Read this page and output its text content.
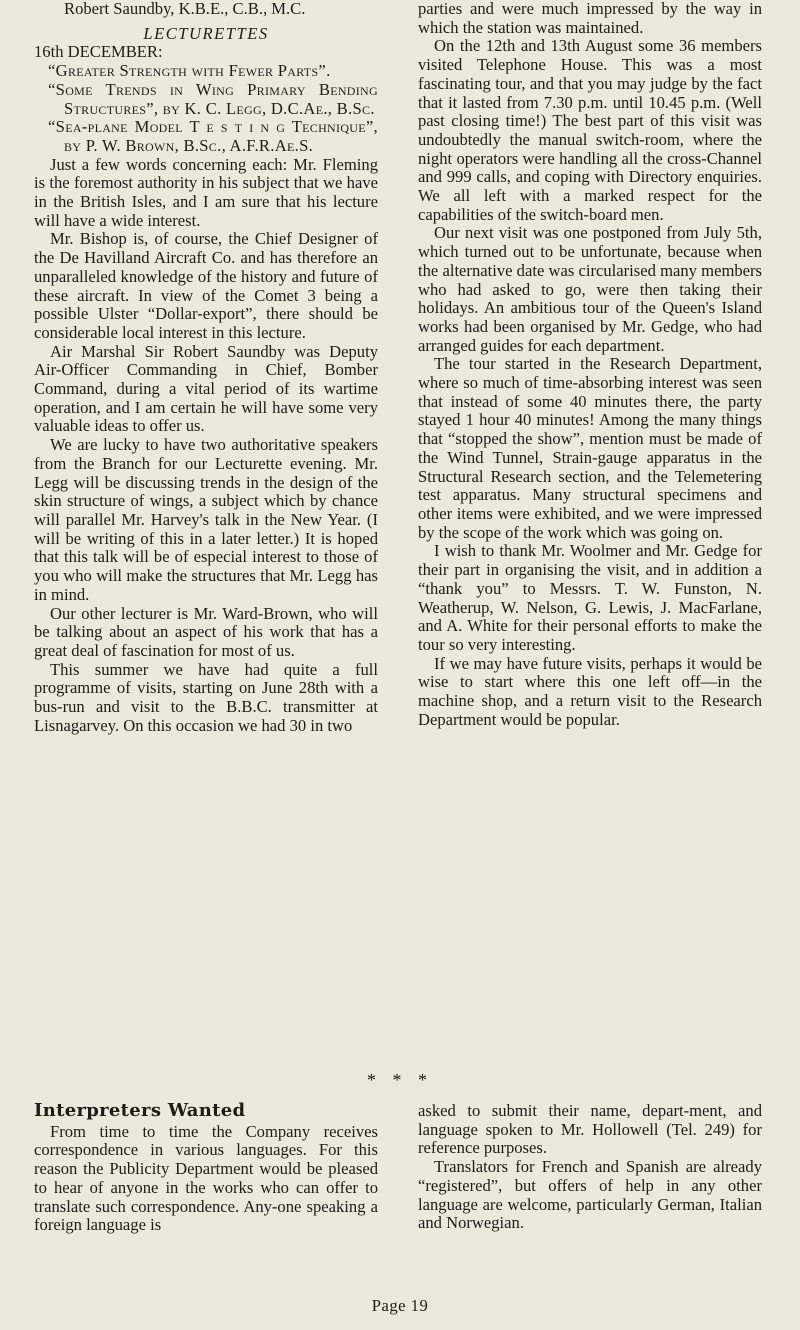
Robert Saundby, K.B.E., C.B., M.C.

LECTURETTES

16th DECEMBER:

“Greater Strength with Fewer Parts”.

“Some Trends in Wing Primary Bending Structures”, by K. C. Legg, D.C.Ae., B.Sc.

“Sea-plane Model T e s t i n g Technique”, by P. W. Brown, B.Sc., A.F.R.Ae.S.

Just a few words concerning each: Mr. Fleming is the foremost authority in his subject that we have in the British Isles, and I am sure that his lecture will have a wide interest.

Mr. Bishop is, of course, the Chief Designer of the De Havilland Aircraft Co. and has therefore an unparalleled knowledge of the history and future of these aircraft. In view of the Comet 3 being a possible Ulster “Dollar-export”, there should be considerable local interest in this lecture.

Air Marshal Sir Robert Saundby was Deputy Air-Officer Commanding in Chief, Bomber Command, during a vital period of its wartime operation, and I am certain he will have some very valuable ideas to offer us.

We are lucky to have two authoritative speakers from the Branch for our Lecturette evening. Mr. Legg will be discussing trends in the design of the skin structure of wings, a subject which by chance will parallel Mr. Harvey's talk in the New Year. (I will be writing of this in a later letter.) It is hoped that this talk will be of especial interest to those of you who will make the structures that Mr. Legg has in mind.

Our other lecturer is Mr. Ward-Brown, who will be talking about an aspect of his work that has a great deal of fascination for most of us.

This summer we have had quite a full programme of visits, starting on June 28th with a bus-run and visit to the B.B.C. transmitter at Lisnagarvey. On this occasion we had 30 in two

parties and were much impressed by the way in which the station was maintained.

On the 12th and 13th August some 36 members visited Telephone House. This was a most fascinating tour, and that you may judge by the fact that it lasted from 7.30 p.m. until 10.45 p.m. (Well past closing time!) The best part of this visit was undoubtedly the manual switch-room, where the night operators were handling all the cross-Channel and 999 calls, and coping with Directory enquiries. We all left with a marked respect for the capabilities of the switch-board men.

Our next visit was one postponed from July 5th, which turned out to be unfortunate, because when the alternative date was circularised many members who had asked to go, were then taking their holidays. An ambitious tour of the Queen's Island works had been organised by Mr. Gedge, who had arranged guides for each department.

The tour started in the Research Department, where so much of time-absorbing interest was seen that instead of some 40 minutes there, the party stayed 1 hour 40 minutes! Among the many things that “stopped the show”, mention must be made of the Wind Tunnel, Strain-gauge apparatus in the Structural Research section, and the Telemetering test apparatus. Many structural specimens and other items were exhibited, and we were impressed by the scope of the work which was going on.

I wish to thank Mr. Woolmer and Mr. Gedge for their part in organising the visit, and in addition a “thank you” to Messrs. T. W. Funston, N. Weatherup, W. Nelson, G. Lewis, J. MacFarlane, and A. White for their personal efforts to make the tour so very interesting.

If we may have future visits, perhaps it would be wise to start where this one left off—in the machine shop, and a return visit to the Research Department would be popular.

* * *

Interpreters Wanted

From time to time the Company receives correspondence in various languages. For this reason the Publicity Department would be pleased to hear of anyone in the works who can offer to translate such correspondence. Any-one speaking a foreign language is

asked to submit their name, depart-ment, and language spoken to Mr. Hollowell (Tel. 249) for reference purposes.

Translators for French and Spanish are already “registered”, but offers of help in any other language are welcome, particularly German, Italian and Norwegian.

Page 19
